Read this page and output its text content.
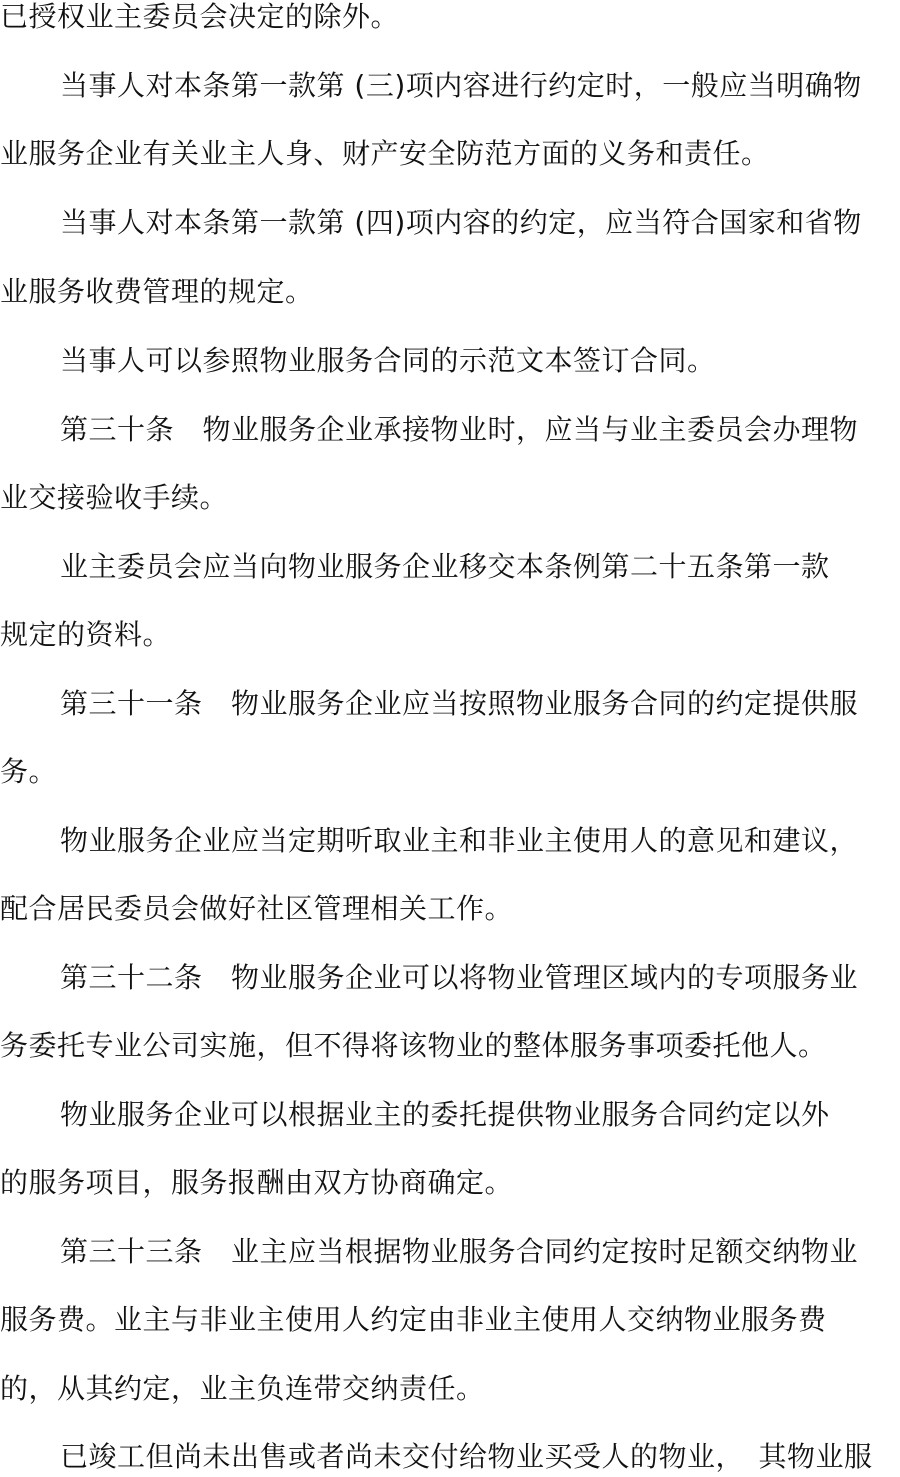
已授权业主委员会决定的除外。
当事人对本条第一款第 (三)项内容进行约定时，一般应当明确物
业服务企业有关业主人身、财产安全防范方面的义务和责任。
当事人对本条第一款第 (四)项内容的约定，应当符合国家和省物
业服务收费管理的规定。
当事人可以参照物业服务合同的示范文本签订合同。
第三十条　物业服务企业承接物业时，应当与业主委员会办理物
业交接验收手续。
业主委员会应当向物业服务企业移交本条例第二十五条第一款
规定的资料。
第三十一条　物业服务企业应当按照物业服务合同的约定提供服
务。
物业服务企业应当定期听取业主和非业主使用人的意见和建议，
配合居民委员会做好社区管理相关工作。
第三十二条　物业服务企业可以将物业管理区域内的专项服务业
务委托专业公司实施，但不得将该物业的整体服务事项委托他人。
物业服务企业可以根据业主的委托提供物业服务合同约定以外
的服务项目，服务报酬由双方协商确定。
第三十三条　业主应当根据物业服务合同约定按时足额交纳物业
服务费。业主与非业主使用人约定由非业主使用人交纳物业服务费
的，从其约定，业主负连带交纳责任。
已竣工但尚未出售或者尚未交付给物业买受人的物业，　其物业服
